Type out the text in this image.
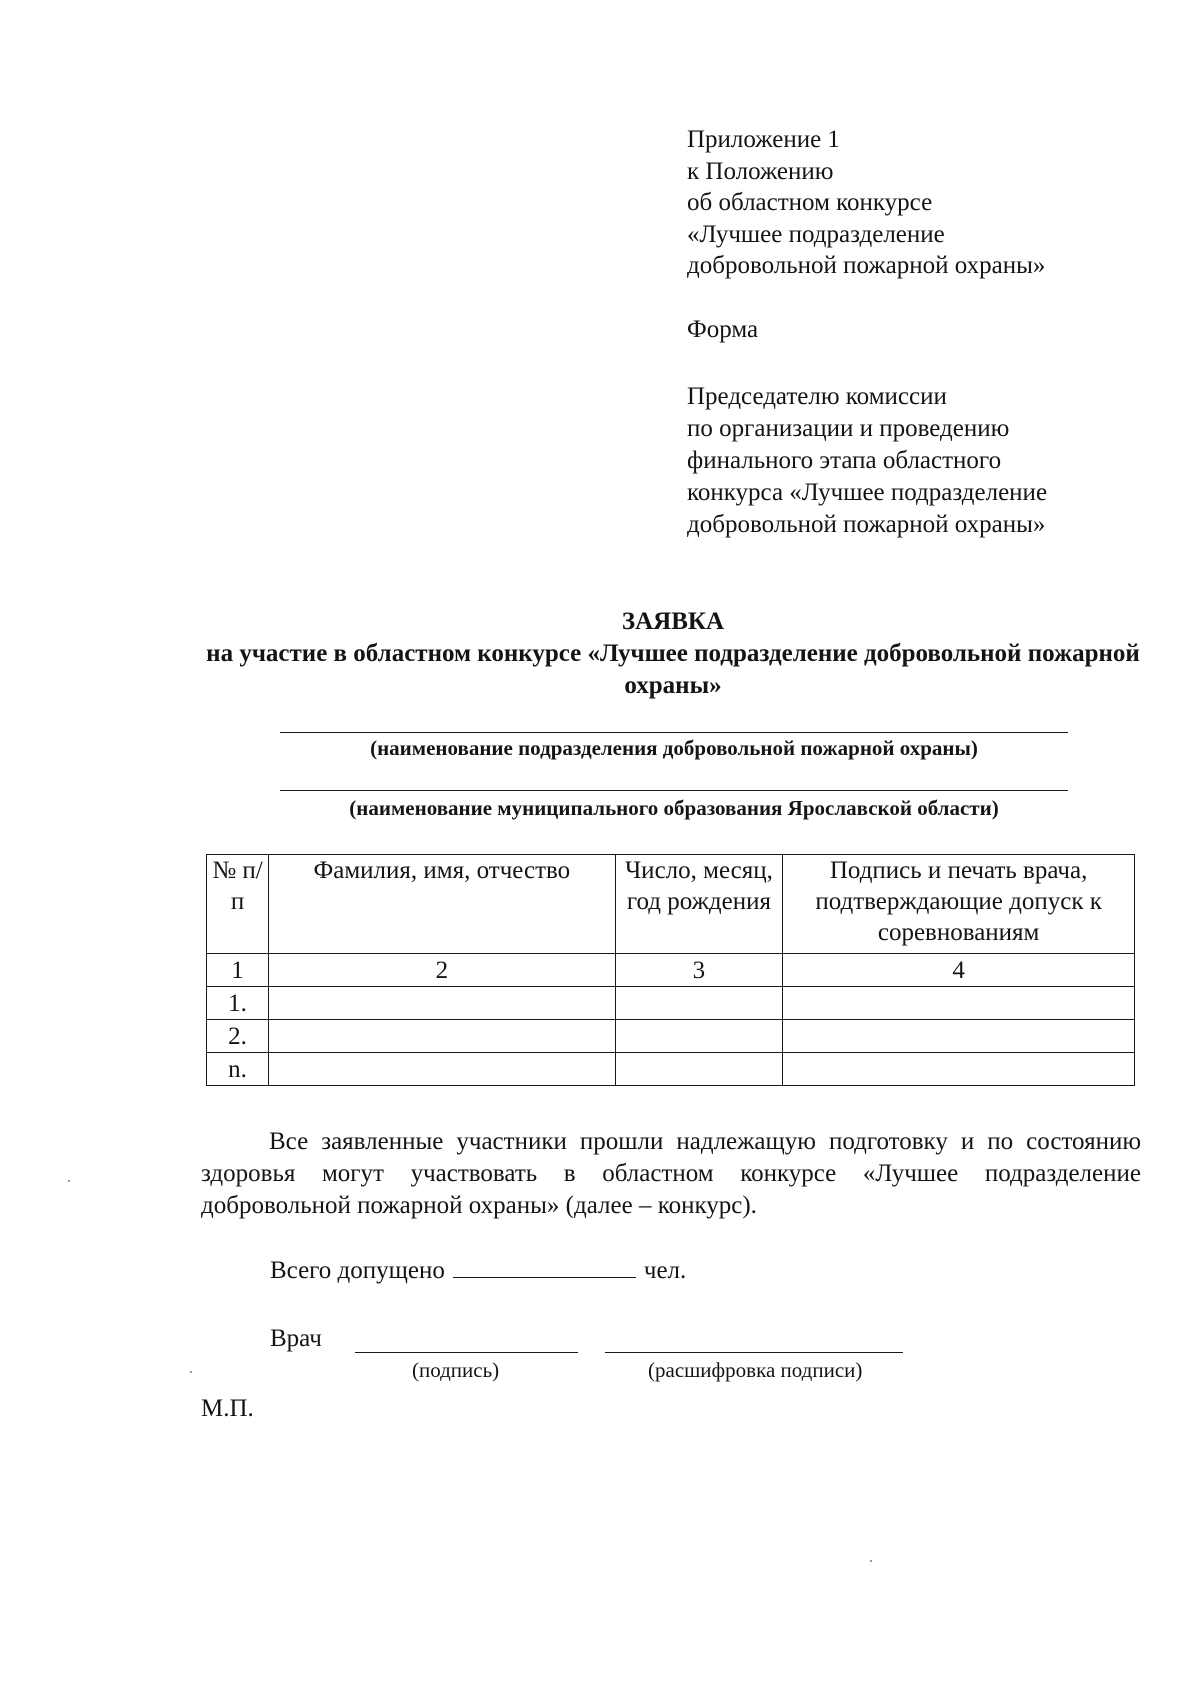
Приложение 1
к Положению
об областном конкурсе
«Лучшее подразделение
добровольной пожарной охраны»
Форма
Председателю комиссии
по организации и проведению
финального этапа областного
конкурса «Лучшее подразделение
добровольной пожарной охраны»
ЗАЯВКА
на участие в областном конкурсе «Лучшее подразделение добровольной пожарной охраны»
(наименование подразделения добровольной пожарной охраны)
(наименование муниципального образования Ярославской области)
№ п/п	Фамилия, имя, отчество	Число, месяц, год рождения	Подпись и печать врача, подтверждающие допуск к соревнованиям
1	2	3	4
1.			
2.			
n.			
Все заявленные участники прошли надлежащую подготовку и по состоянию здоровья могут участвовать в областном конкурсе «Лучшее подразделение добровольной пожарной охраны» (далее – конкурс).
Всего допущено	чел.
Врач
(подпись)	(расшифровка подписи)
М.П.
